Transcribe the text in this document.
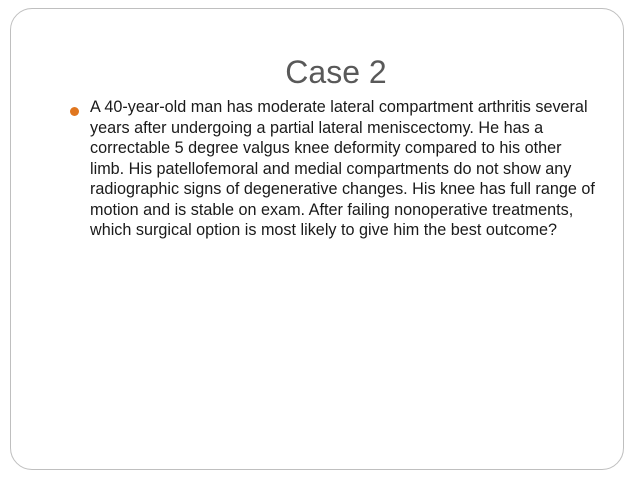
Case 2

A 40-year-old man has moderate lateral compartment arthritis several years after undergoing a partial lateral meniscectomy. He has a correctable 5 degree valgus knee deformity compared to his other limb. His patellofemoral and medial compartments do not show any radiographic signs of degenerative changes. His knee has full range of motion and is stable on exam. After failing nonoperative treatments, which surgical option is most likely to give him the best outcome?
